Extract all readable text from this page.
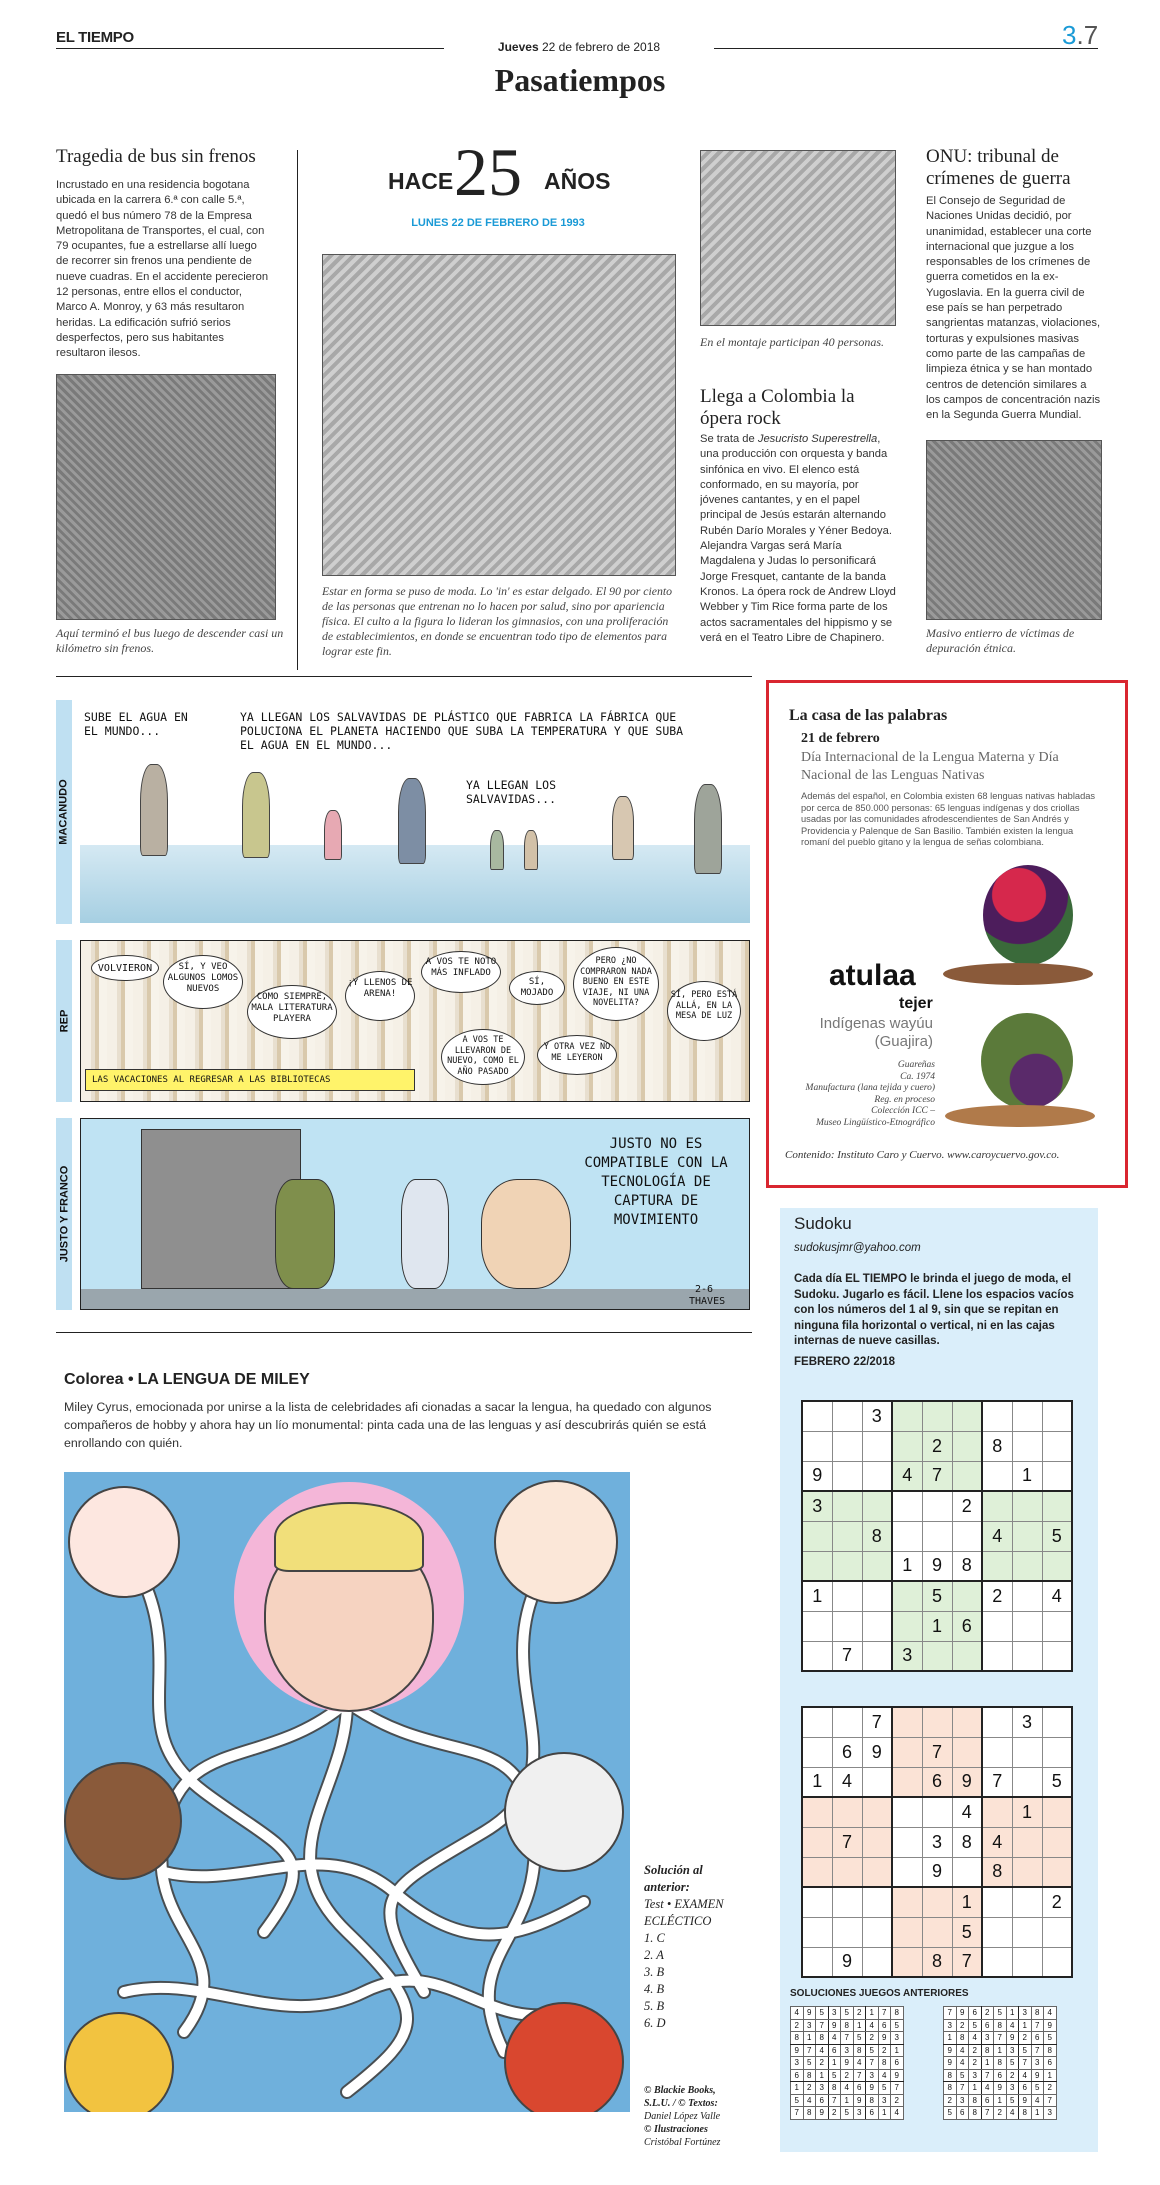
EL TIEMPO
Jueves 22 de febrero de 2018	3.7
Pasatiempos
Tragedia de bus sin frenos
Incrustado en una residencia bogotana ubicada en la carrera 6.ª con calle 5.ª, quedó el bus número 78 de la Empresa Metropolitana de Transportes, el cual, con 79 ocupantes, fue a estrellarse allí luego de recorrer sin frenos una pendiente de nueve cuadras. En el accidente perecieron 12 personas, entre ellos el conductor, Marco A. Monroy, y 63 más resultaron heridas. La edificación sufrió serios desperfectos, pero sus habitantes resultaron ilesos.
Aquí terminó el bus luego de descender casi un kilómetro sin frenos.
HACE 25 AÑOS
LUNES 22 DE FEBRERO DE 1993
Estar en forma se puso de moda. Lo 'in' es estar delgado. El 90 por ciento de las personas que entrenan no lo hacen por salud, sino por apariencia física. El culto a la figura lo lideran los gimnasios, con una proliferación de establecimientos, en donde se encuentran todo tipo de elementos para lograr este fin.
En el montaje participan 40 personas.
Llega a Colombia la ópera rock
Se trata de Jesucristo Superestrella, una producción con orquesta y banda sinfónica en vivo. El elenco está conformado, en su mayoría, por jóvenes cantantes, y en el papel principal de Jesús estarán alternando Rubén Darío Morales y Yéner Bedoya. Alejandra Vargas será María Magdalena y Judas lo personificará Jorge Fresquet, cantante de la banda Kronos. La ópera rock de Andrew Lloyd Webber y Tim Rice forma parte de los actos sacramentales del hippismo y se verá en el Teatro Libre de Chapinero.
ONU: tribunal de crímenes de guerra
El Consejo de Seguridad de Naciones Unidas decidió, por unanimidad, establecer una corte internacional que juzgue a los responsables de los crímenes de guerra cometidos en la ex-Yugoslavia. En la guerra civil de ese país se han perpetrado sangrientas matanzas, violaciones, torturas y expulsiones masivas como parte de las campañas de limpieza étnica y se han montado centros de detención similares a los campos de concentración nazis en la Segunda Guerra Mundial.
Masivo entierro de víctimas de depuración étnica.
MACANUDO
SUBE EL AGUA EN EL MUNDO...
YA LLEGAN LOS SALVAVIDAS DE PLÁSTICO QUE FABRICA LA FÁBRICA QUE POLUCIONA EL PLANETA HACIENDO QUE SUBA LA TEMPERATURA Y QUE SUBA EL AGUA EN EL MUNDO...
YA LLEGAN LOS SALVAVIDAS...
REP
VOLVIERON	SÍ, Y VEO ALGUNOS LOMOS NUEVOS
COMO SIEMPRE, MALA LITERATURA PLAYERA
¡Y LLENOS DE ARENA!
A VOS TE NOTO MÁS INFLADO
SÍ, MOJADO
PERO ¿NO COMPRARON NADA BUENO EN ESTE VIAJE, NI UNA NOVELITA?
SÍ, PERO ESTÁ ALLÁ, EN LA MESA DE LUZ
A VOS TE LLEVARON DE NUEVO, COMO EL AÑO PASADO
Y OTRA VEZ NO ME LEYERON
LAS VACACIONES AL REGRESAR A LAS BIBLIOTECAS
JUSTO Y FRANCO
JUSTO NO ES COMPATIBLE CON LA TECNOLOGÍA DE CAPTURA DE MOVIMIENTO
2-6
THAVES
La casa de las palabras
21 de febrero
Día Internacional de la Lengua Materna y Día Nacional de las Lenguas Nativas
Además del español, en Colombia existen 68 lenguas nativas habladas por cerca de 850.000 personas: 65 lenguas indígenas y dos criollas usadas por las comunidades afrodescendientes de San Andrés y Providencia y Palenque de San Basilio. También existen la lengua romaní del pueblo gitano y la lengua de señas colombiana.
atulaa
tejer
Indígenas wayúu
(Guajira)
Guareñas
Ca. 1974
Manufactura (lana tejida y cuero)
Reg. en proceso
Colección ICC –
Museo Lingüístico-Etnográfico
Contenido: Instituto Caro y Cuervo. www.caroycuervo.gov.co.
Sudoku
sudokusjmr@yahoo.com
Cada día EL TIEMPO le brinda el juego de moda, el Sudoku. Jugarlo es fácil. Llene los espacios vacíos con los números del 1 al 9, sin que se repitan en ninguna fila horizontal o vertical, ni en las cajas internas de nueve casillas.
FEBRERO 22/2018
		3						
				2		8		
9			4	7			1	
3					2			
		8				4		5
			1	9	8			
1				5		2		4
				1	6			
	7		3					
		7					3	
	6	9		7				
1	4			6	9	7		5
					4		1	
	7			3	8	4		
				9		8		
					1			2
					5			
	9			8	7			
SOLUCIONES JUEGOS ANTERIORES
4	9	5	3	5	2	1	7	8
2	3	7	9	8	1	4	6	5
8	1	8	4	7	5	2	9	3
9	7	4	6	3	8	5	2	1
3	5	2	1	9	4	7	8	6
6	8	1	5	2	7	3	4	9
1	2	3	8	4	6	9	5	7
5	4	6	7	1	9	8	3	2
7	8	9	2	5	3	6	1	4
7	9	6	2	5	1	3	8	4
3	2	5	6	8	4	1	7	9
1	8	4	3	7	9	2	6	5
9	4	2	8	1	3	5	7	8
9	4	2	1	8	5	7	3	6
8	5	3	7	6	2	4	9	1
8	7	1	4	9	3	6	5	2
2	3	8	6	1	5	9	4	7
5	6	8	7	2	4	8	1	3
Colorea • LA LENGUA DE MILEY
Miley Cyrus, emocionada por unirse a la lista de celebridades afi cionadas a sacar la lengua, ha quedado con algunos compañeros de hobby y ahora hay un lío monumental: pinta cada una de las lenguas y así descubrirás quién se está enrollando con quién.
Solución al anterior:
Test • EXAMEN ECLÉCTICO
1. C
2. A
3. B
4. B
5. B
6. D
© Blackie Books, S.L.U. / © Textos:
Daniel López Valle
© Ilustraciones
Cristóbal Fortúnez
